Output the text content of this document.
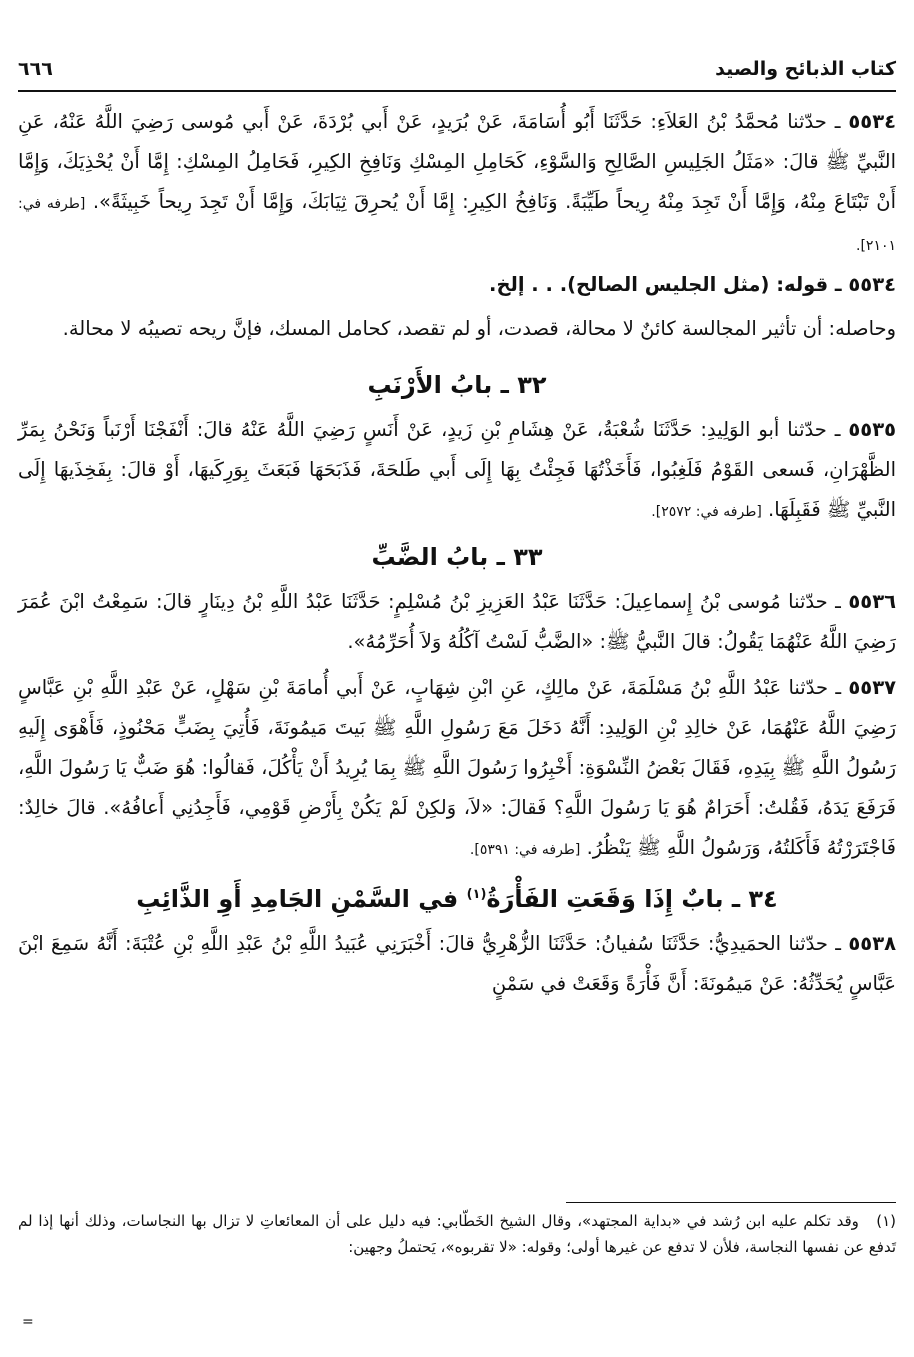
كتاب الذبائح والصيد
٦٦٦

٥٥٣٤ ـ حدّثنا مُحمَّدُ بْنُ العَلاَءِ: حَدَّثَنَا أَبُو أُسَامَةَ، عَنْ بُرَيدٍ، عَنْ أَبي بُرْدَةَ، عَنْ أَبي مُوسى رَضِيَ اللَّهُ عَنْهُ، عَنِ النَّبيِّ ﷺ قالَ: «مَثَلُ الجَلِيسِ الصَّالِحِ وَالسَّوْءِ، كَحَامِلِ المِسْكِ وَنَافِخِ الكِيرِ، فَحَامِلُ المِسْكِ: إِمَّا أَنْ يُحْذِيَكَ، وَإِمَّا أَنْ تَبْتَاعَ مِنْهُ، وَإِمَّا أَنْ تَجِدَ مِنْهُ رِيحاً طَيِّبَةً. وَنَافِخُ الكِيرِ: إِمَّا أَنْ يُحرِقَ ثِيَابَكَ، وَإِمَّا أَنْ تَجِدَ رِيحاً خَبِيثَةً». [طرفه في: ٢١٠١].

٥٥٣٤ ـ قوله: (مثل الجليس الصالح). . . إلخ.

وحاصله: أن تأثير المجالسة كائنٌ لا محالة، قصدت، أو لم تقصد، كحامل المسك، فإنَّ ريحه تصيبُه لا محالة.

٣٢ ـ بابُ الأَرْنَبِ

٥٥٣٥ ـ حدّثنا أبو الوَلِيدِ: حَدَّثَنَا شُعْبَةُ، عَنْ هِشَامِ بْنِ زَيدٍ، عَنْ أَنَسٍ رَضِيَ اللَّهُ عَنْهُ قالَ: أَنْفَجْنَا أَرْنَباً وَنَحْنُ بِمَرِّ الظَّهْرَانِ، فَسعى القَوْمُ فَلَغِبُوا، فَأَخَذْتُهَا فَجِئْتُ بِهَا إِلَى أَبي طَلحَةَ، فَذَبَحَهَا فَبَعَثَ بِوَرِكَيهَا، أَوْ قالَ: بِفَخِذَيهَا إِلَى النَّبيِّ ﷺ فَقَبِلَهَا. [طرفه في: ٢٥٧٢].

٣٣ ـ بابُ الضَّبِّ

٥٥٣٦ ـ حدّثنا مُوسى بْنُ إِسماعِيلَ: حَدَّثَنَا عَبْدُ العَزِيزِ بْنُ مُسْلِمٍ: حَدَّثَنَا عَبْدُ اللَّهِ بْنُ دِينَارٍ قالَ: سَمِعْتُ ابْنَ عُمَرَ رَضِيَ اللَّهُ عَنْهُمَا يَقُولُ: قالَ النَّبيُّ ﷺ: «الضَّبُّ لَسْتُ آكُلُهُ وَلاَ أُحَرِّمُهُ».

٥٥٣٧ ـ حدّثنا عَبْدُ اللَّهِ بْنُ مَسْلَمَةَ، عَنْ مالِكٍ، عَنِ ابْنِ شِهَابٍ، عَنْ أَبي أُمامَةَ بْنِ سَهْلٍ، عَنْ عَبْدِ اللَّهِ بْنِ عَبَّاسٍ رَضِيَ اللَّهُ عَنْهُمَا، عَنْ خالِدِ بْنِ الوَلِيدِ: أَنَّهُ دَخَلَ مَعَ رَسُولِ اللَّهِ ﷺ بَيتَ مَيمُونَةَ، فَأُتِيَ بِضَبٍّ مَحْنُوذٍ، فَأَهْوَى إِلَيهِ رَسُولُ اللَّهِ ﷺ بِيَدِهِ، فَقَالَ بَعْضُ النِّسْوَةِ: أَخْبِرُوا رَسُولَ اللَّهِ ﷺ بِمَا يُرِيدُ أَنْ يَأْكُلَ، فَقالُوا: هُوَ ضَبٌّ يَا رَسُولَ اللَّهِ، فَرَفَعَ يَدَهُ، فَقُلتُ: أَحَرَامٌ هُوَ يَا رَسُولَ اللَّهِ؟ فَقالَ: «لاَ، وَلكِنْ لَمْ يَكُنْ بِأَرْضِ قَوْمِي، فَأَجِدُنِي أَعافُهُ». قالَ خالِدٌ: فَاجْتَرَرْتُهُ فَأَكَلتُهُ، وَرَسُولُ اللَّهِ ﷺ يَنْظُرُ. [طرفه في: ٥٣٩١].

٣٤ ـ بابٌ إِذَا وَقَعَتِ الفَأْرَةُ$^{(١)}$ في السَّمْنِ الجَامِدِ أَوِ الذَّائِبِ

٥٥٣٨ ـ حدّثنا الحمَيدِيُّ: حَدَّثَنَا سُفيانُ: حَدَّثَنَا الزُّهْرِيُّ قالَ: أَخْبَرَنِي عُبَيدُ اللَّهِ بْنُ عَبْدِ اللَّهِ بْنِ عُتْبَةَ: أَنَّهُ سَمِعَ ابْنَ عَبَّاسٍ يُحَدِّثُهُ: عَنْ مَيمُونَةَ: أَنَّ فَأْرَةً وَقَعَتْ في سَمْنٍ

(١)   وقد تكلم عليه ابن رُشد في «بداية المجتهد»، وقال الشيخ الخَطّابي: فيه دليل على أن المعائعاتِ لا تزال بها النجاسات، وذلك أنها إذا لم تَدفع عن نفسها النجاسة، فلأن لا تدفع عن غيرها أولى؛ وقوله: «لا تقربوه»، يَحتملُ وجهين:

=
